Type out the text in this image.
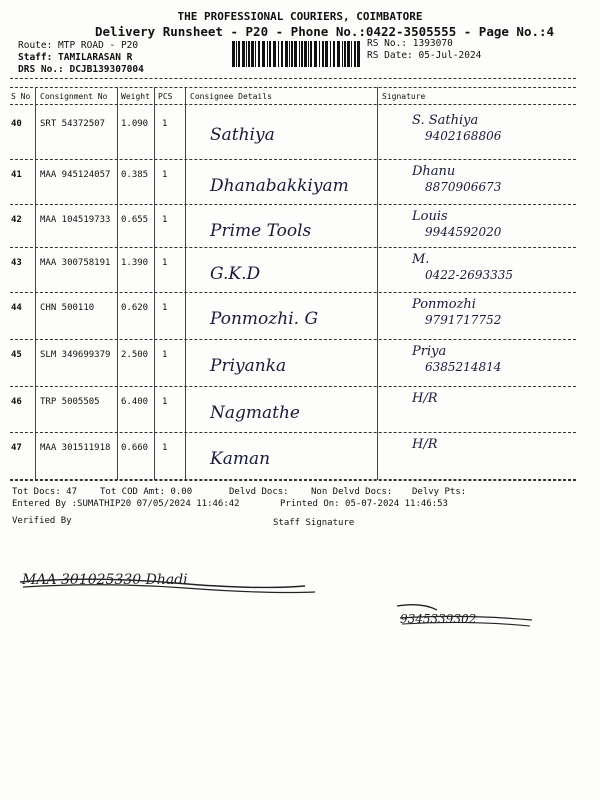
THE PROFESSIONAL COURIERS, COIMBATORE
Delivery Runsheet - P20 - Phone No.:0422-3505555 - Page No.:4
Route: MTP ROAD - P20
Staff: TAMILARASAN R
DRS No.: DCJB139307004
RS No.: 1393070
RS Date: 05-Jul-2024
S No Consignment No Weight PCS Consignee Details	Signature
40 SRT 54372507 1.090 1
Sathiya
S. Sathiya
9402168806
41 MAA 945124057 0.385 1
Dhanabakkiyam
Dhanu
8870906673
42 MAA 104519733 0.655 1
Prime Tools
Louis
9944592020
43 MAA 300758191 1.390 1
G.K.D
M.
0422-2693335
44 CHN 500110	0.620 1
Ponmozhi. G
Ponmozhi
9791717752
45 SLM 349699379 2.500 1
Priyanka
Priya
6385214814
46 TRP 5005505 6.400 1
Nagmathe
H/R
47 MAA 301511918 0.660 1
Kaman
H/R
Tot Docs: 47	Tot COD Amt: 0.00	Delvd Docs: Non Delvd Docs: Delvy Pts:
Entered By :SUMATHIP20 07/05/2024 11:46:42	Printed On: 05-07-2024 11:46:53
Verified By	Staff Signature
MAA 301025330 Dhadi
9345339302
